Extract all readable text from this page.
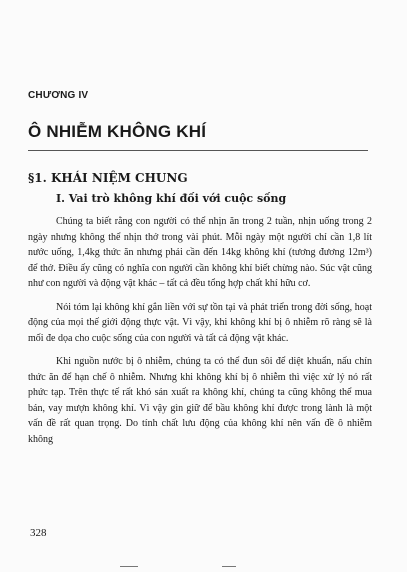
CHƯƠNG IV
Ô NHIỄM KHÔNG KHÍ
§1. KHÁI NIỆM CHUNG
I. Vai trò không khí đối với cuộc sống

Chúng ta biết rằng con người có thể nhịn ăn trong 2 tuần, nhịn uống trong 2 ngày nhưng không thể nhịn thở trong vài phút. Mỗi ngày một người chỉ cần 1,8 lít nước uống, 1,4kg thức ăn nhưng phải cần đến 14kg không khí (tương đương 12m³) để thở. Điều ấy cũng có nghĩa con người cần không khí biết chừng nào. Súc vật cũng như con người và động vật khác – tất cả đều tổng hợp chất khí hữu cơ.

Nói tóm lại không khí gắn liền với sự tồn tại và phát triển trong đời sống, hoạt động của mọi thế giới động thực vật. Vì vậy, khi không khí bị ô nhiễm rõ ràng sẽ là mối đe dọa cho cuộc sống của con người và tất cả động vật khác.

Khi nguồn nước bị ô nhiễm, chúng ta có thể đun sôi để diệt khuẩn, nấu chín thức ăn để hạn chế ô nhiễm. Nhưng khi không khí bị ô nhiễm thì việc xử lý nó rất phức tạp. Trên thực tế rất khó sản xuất ra không khí, chúng ta cũng không thể mua bán, vay mượn không khí. Vì vậy gìn giữ để bầu không khí được trong lành là một vấn đề rất quan trọng. Do tính chất lưu động của không khí nên vấn đề ô nhiễm không

328
